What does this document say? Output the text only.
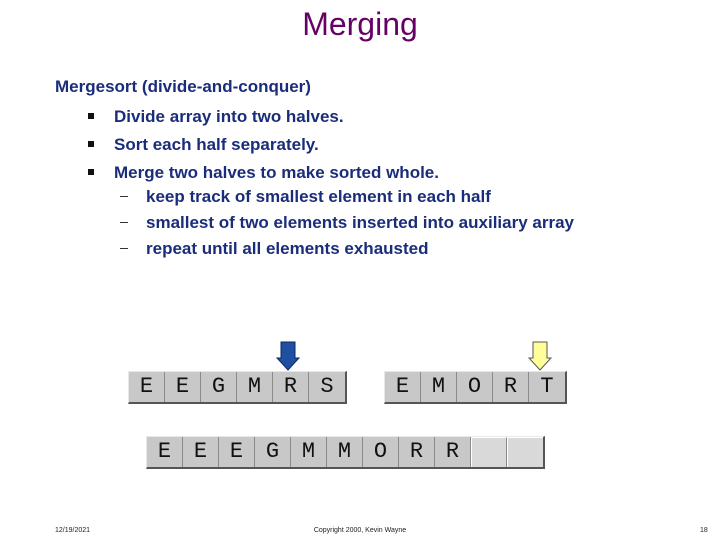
Merging
Mergesort (divide-and-conquer)
Divide array into two halves.
Sort each half separately.
Merge two halves to make sorted whole.
keep track of smallest element in each half
smallest of two elements inserted into auxiliary array
repeat until all elements exhausted
E	E	G	M	R	S	E	M	O	R	T
E	E	E	G	M	M	O	R	R
12/19/2021	Copyright 2000, Kevin Wayne	18
